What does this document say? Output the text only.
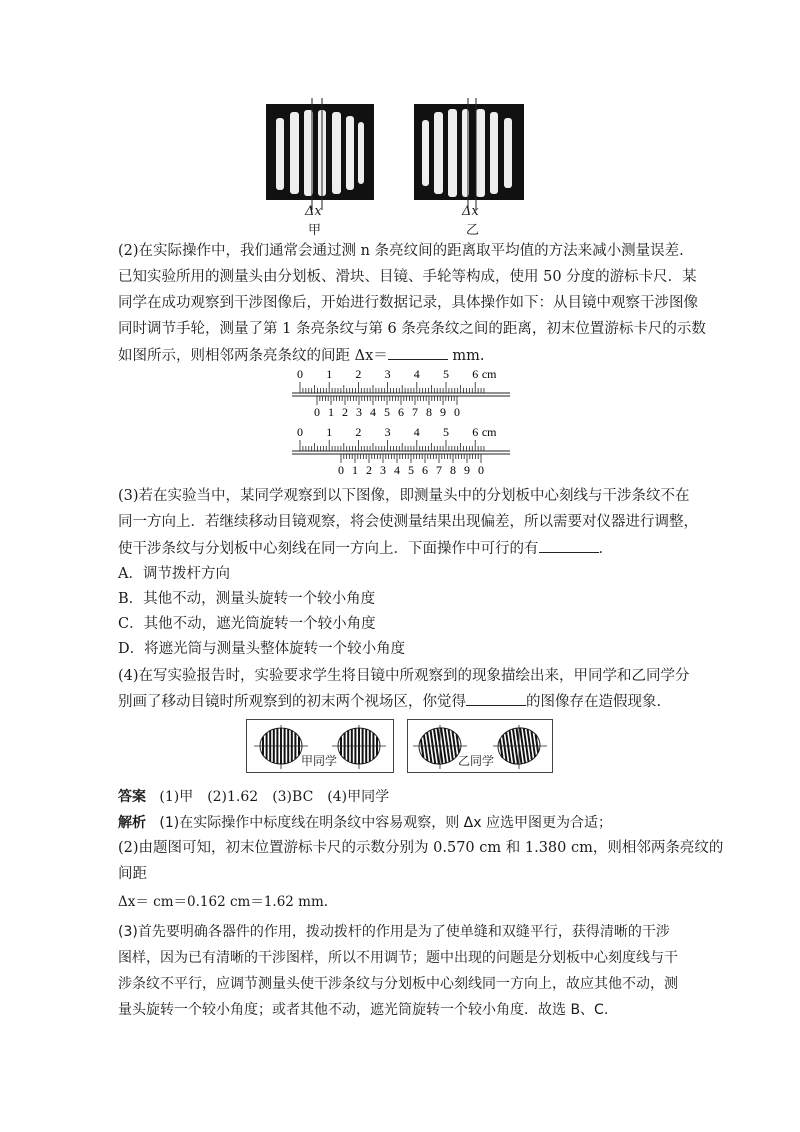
Δx
甲
Δx
乙
(2)在实际操作中，我们通常会通过测 n 条亮纹间的距离取平均值的方法来减小测量误差.
已知实验所用的测量头由分划板、滑块、目镜、手轮等构成，使用 50 分度的游标卡尺．某
同学在成功观察到干涉图像后，开始进行数据记录，具体操作如下：从目镜中观察干涉图像
同时调节手轮，测量了第 1 条亮条纹与第 6 条亮条纹之间的距离，初末位置游标卡尺的示数
如图所示，则相邻两条亮条纹的间距 Δx＝	mm.
0 1 2 3 4 5 6 cm
0 1 2 3 4 5 6 7 8 9 0
0 1 2 3 4 5 6 cm
0 1 2 3 4 5 6 7 8 9 0
(3)若在实验当中，某同学观察到以下图像，即测量头中的分划板中心刻线与干涉条纹不在
同一方向上．若继续移动目镜观察，将会使测量结果出现偏差，所以需要对仪器进行调整，
使干涉条纹与分划板中心刻线在同一方向上．下面操作中可行的有	．
A．调节拨杆方向
B．其他不动，测量头旋转一个较小角度
C．其他不动，遮光筒旋转一个较小角度
D．将遮光筒与测量头整体旋转一个较小角度
(4)在写实验报告时，实验要求学生将目镜中所观察到的现象描绘出来，甲同学和乙同学分
别画了移动目镜时所观察到的初末两个视场区，你觉得	的图像存在造假现象.
甲同学	乙同学
答案 (1)甲　(2)1.62　(3)BC　(4)甲同学
解析 (1)在实际操作中标度线在明条纹中容易观察，则 Δx 应选甲图更为合适；
(2)由题图可知，初末位置游标卡尺的示数分别为 0.570 cm 和 1.380 cm，则相邻两条亮纹的
间距
Δx＝ cm＝0.162 cm＝1.62 mm.
(3)首先要明确各器件的作用，拨动拨杆的作用是为了使单缝和双缝平行，获得清晰的干涉
图样，因为已有清晰的干涉图样，所以不用调节；题中出现的问题是分划板中心刻度线与干
涉条纹不平行，应调节测量头使干涉条纹与分划板中心刻线同一方向上，故应其他不动，测
量头旋转一个较小角度；或者其他不动，遮光筒旋转一个较小角度．故选 B、C.
